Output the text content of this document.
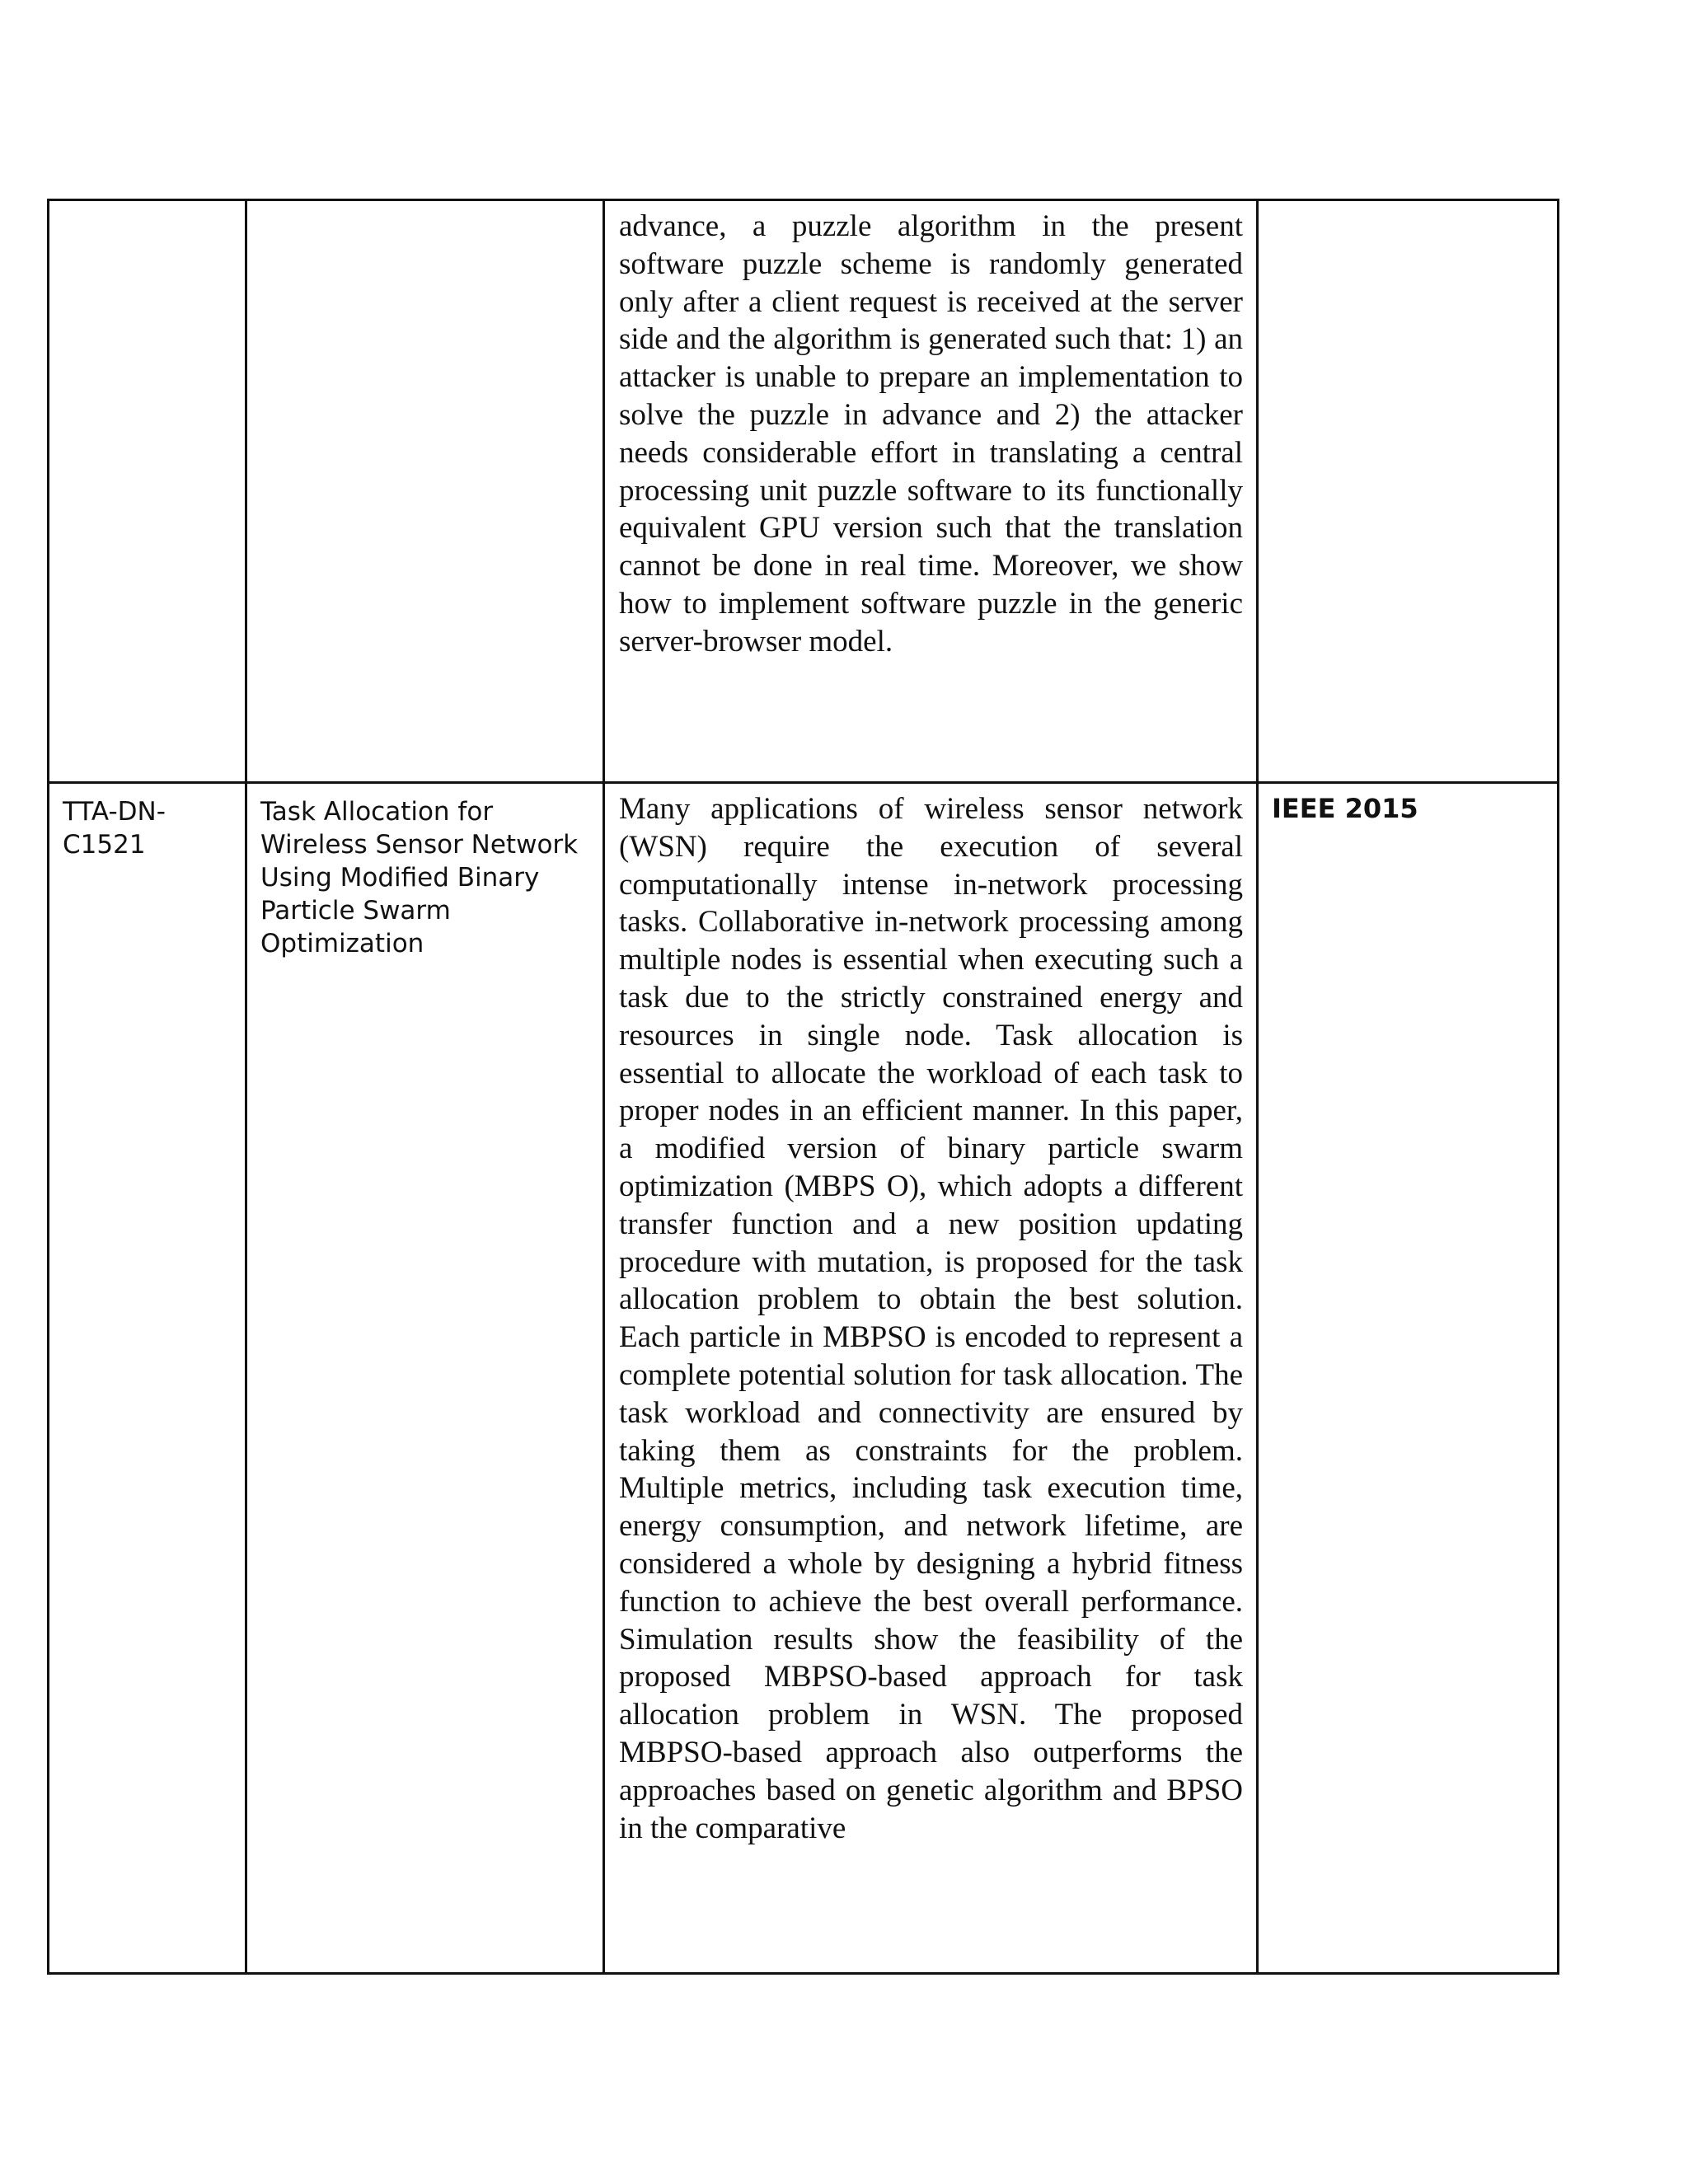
		advance, a puzzle algorithm in the present software puzzle scheme is randomly generated only after a client request is received at the server side and the algorithm is generated such that: 1) an attacker is unable to prepare an implementation to solve the puzzle in advance and 2) the attacker needs considerable effort in translating a central processing unit puzzle software to its functionally equivalent GPU version such that the translation cannot be done in real time. Moreover, we show how to implement software puzzle in the generic server-browser model.	

TTA-DN-C1521	Task Allocation for Wireless Sensor Network Using Modified Binary Particle Swarm Optimization	Many applications of wireless sensor network (WSN) require the execution of several computationally intense in-network processing tasks. Collaborative in-network processing among multiple nodes is essential when executing such a task due to the strictly constrained energy and resources in single node. Task allocation is essential to allocate the workload of each task to proper nodes in an efficient manner. In this paper, a modified version of binary particle swarm optimization (MBPS O), which adopts a different transfer function and a new position updating procedure with mutation, is proposed for the task allocation problem to obtain the best solution. Each particle in MBPSO is encoded to represent a complete potential solution for task allocation. The task workload and connectivity are ensured by taking them as constraints for the problem. Multiple metrics, including task execution time, energy consumption, and network lifetime, are considered a whole by designing a hybrid fitness function to achieve the best overall performance. Simulation results show the feasibility of the proposed MBPSO-based approach for task allocation problem in WSN. The proposed MBPSO-based approach also outperforms the approaches based on genetic algorithm and BPSO in the comparative	IEEE 2015
